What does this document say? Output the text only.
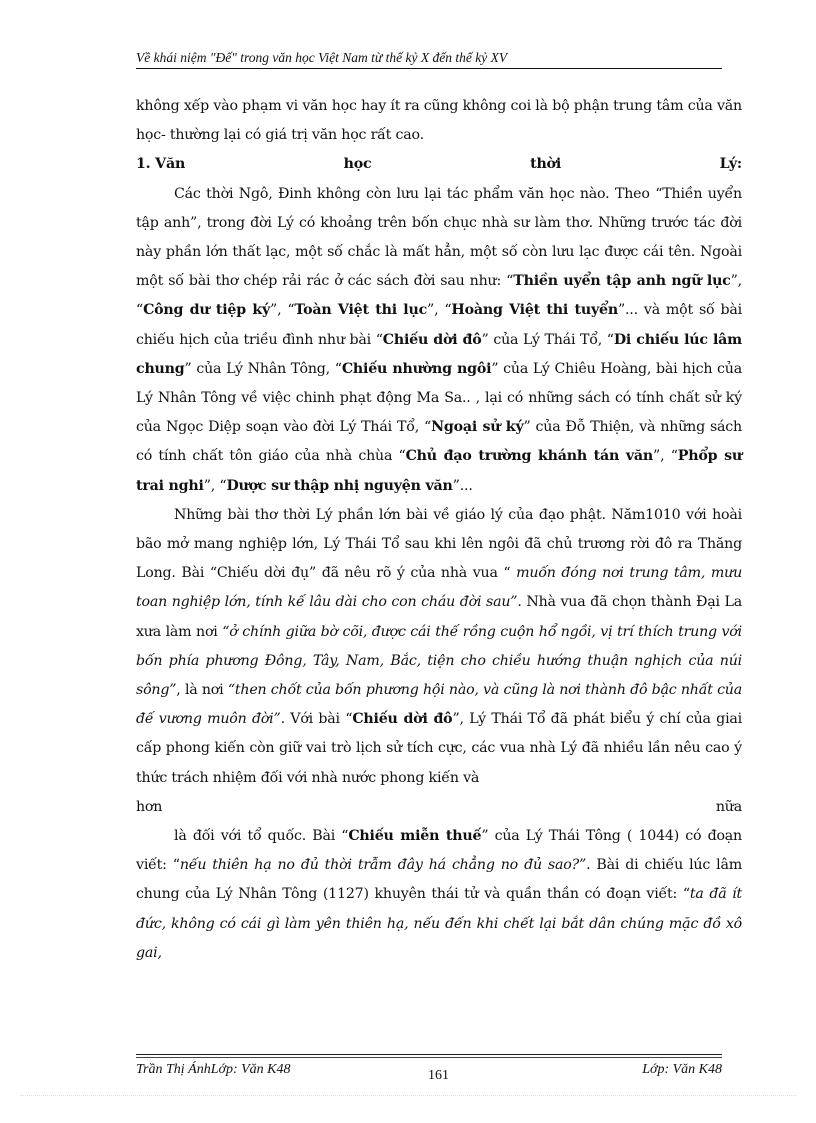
Về khái niệm "Đế" trong văn học Việt Nam từ thế kỷ X đến thế kỷ XV

không xếp vào phạm vi văn học hay ít ra cũng không coi là bộ phận trung tâm của văn học- thường lại có giá trị văn học rất cao.

1. Văn	học	thời	Lý:

Các thời Ngô, Đinh không còn lưu lại tác phẩm văn học nào. Theo “Thiền uyển tập anh”, trong đời Lý có khoảng trên bốn chục nhà sư làm thơ. Những trước tác đời này phần lớn thất lạc, một số chắc là mất hẳn, một số còn lưu lạc được cái tên. Ngoài một số bài thơ chép rải rác ở các sách đời sau như: “Thiền uyển tập anh ngữ lục”, “Công dư tiệp ký”, “Toàn Việt thi lục”, “Hoàng Việt thi tuyển”... và một số bài chiếu hịch của triều đình như bài “Chiếu dời đô” của Lý Thái Tổ, “Di chiếu lúc lâm chung” của Lý Nhân Tông, “Chiếu nhường ngôi” của Lý Chiêu Hoàng, bài hịch của Lý Nhân Tông về việc chinh phạt động Ma Sa.. , lại có những sách có tính chất sử ký của Ngọc Diệp soạn vào đời Lý Thái Tổ, “Ngoại sử ký” của Đỗ Thiện, và những sách có tính chất tôn giáo của nhà chùa “Chủ đạo trường khánh tán văn”, “Phổp sư trai nghi”, “Dược sư thập nhị nguyện văn”...

Những bài thơ thời Lý phần lớn bài về giáo lý của đạo phật. Năm1010 với hoài bão mở mang nghiệp lớn, Lý Thái Tổ sau khi lên ngôi đã chủ trương rời đô ra Thăng Long. Bài “Chiếu dời đụ” đã nêu rõ ý của nhà vua “ muốn đóng nơi trung tâm, mưu toan nghiệp lớn, tính kế lâu dài cho con cháu đời sau”. Nhà vua đã chọn thành Đại La xưa làm nơi “ở chính giữa bờ cõi, được cái thế rồng cuộn hổ ngồi, vị trí thích trung với bốn phía phương Đông, Tây, Nam, Bắc, tiện cho chiều hướng thuận nghịch của núi sông”, là nơi “then chốt của bốn phương hội nào, và cũng là nơi thành đô bậc nhất của đế vương muôn đời”. Với bài “Chiếu dời đô”, Lý Thái Tổ đã phát biểu ý chí của giai cấp phong kiến còn giữ vai trò lịch sử tích cực, các vua nhà Lý đã nhiều lần nêu cao ý thức trách nhiệm đối với nhà nước phong kiến và

hơn	nữa

là đối với tổ quốc. Bài “Chiếu miễn thuế” của Lý Thái Tông ( 1044) có đoạn viết: “nếu thiên hạ no đủ thời trẫm đây há chẳng no đủ sao?”. Bài di chiếu lúc lâm chung của Lý Nhân Tông (1127) khuyên thái tử và quần thần có đoạn viết: “ta đã ít đức, không có cái gì làm yên thiên hạ, nếu đến khi chết lại bắt dân chúng mặc đồ xô gai,

Trần Thị ÁnhLớp: Văn K48	161	Lớp: Văn K48
